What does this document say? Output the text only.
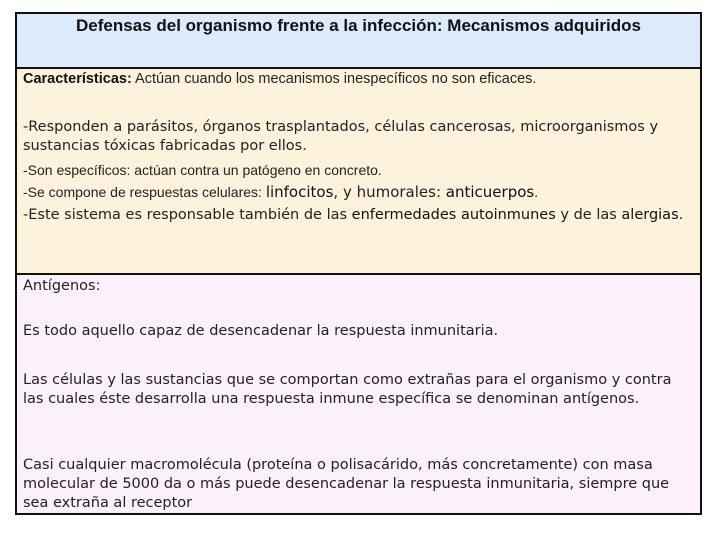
Defensas del organismo frente a la infección: Mecanismos adquiridos

Características: Actúan cuando los mecanismos inespecíficos no son eficaces.

-Responden a parásitos, órganos trasplantados, células cancerosas, microorganismos y sustancias tóxicas fabricadas por ellos.

-Son específicos: actúan contra un patógeno en concreto.

-Se compone de respuestas celulares: linfocitos, y humorales: anticuerpos.

-Este sistema es responsable también de las enfermedades autoinmunes y de las alergias.

Antígenos:

Es todo aquello capaz de desencadenar la respuesta inmunitaria.

Las células y las sustancias que se comportan como extrañas para el organismo y contra las cuales éste desarrolla una respuesta inmune específica se denominan antígenos.

Casi cualquier macromolécula (proteína o polisacárido, más concretamente) con masa molecular de 5000 da o más puede desencadenar la respuesta inmunitaria, siempre que sea extraña al receptor
